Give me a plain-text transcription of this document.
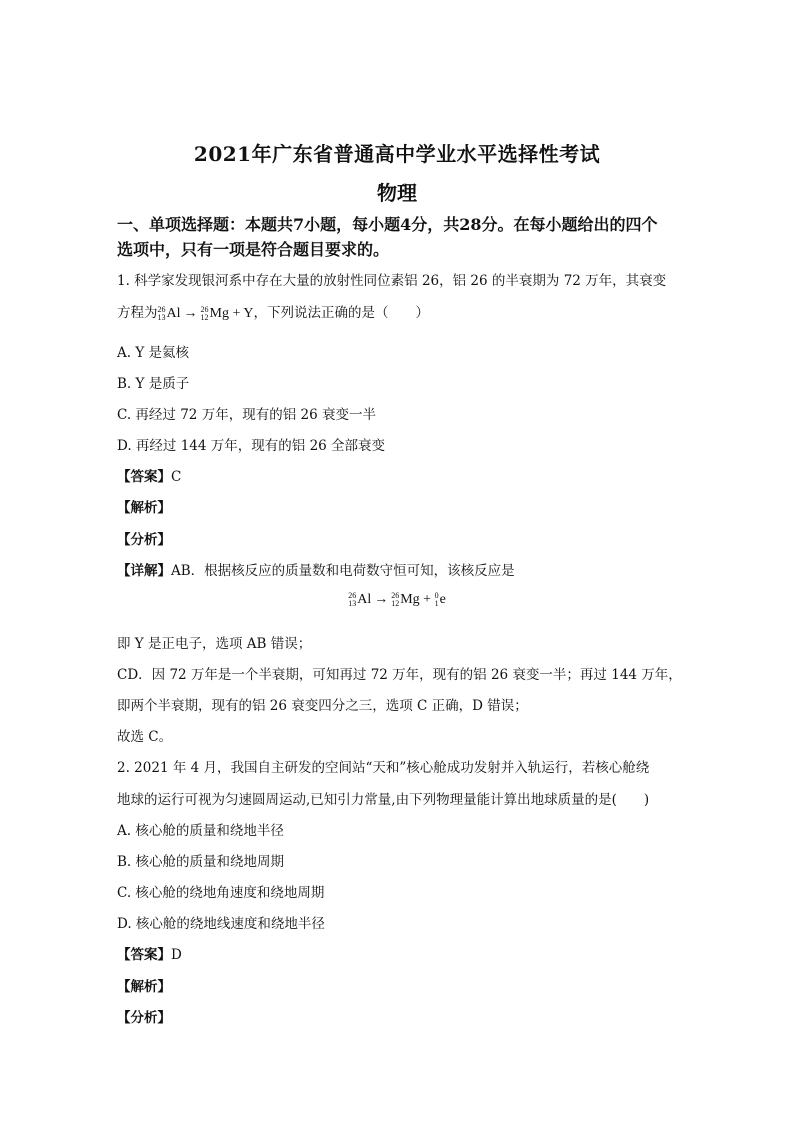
2021年广东省普通高中学业水平选择性考试
物理
一、单项选择题：本题共7小题，每小题4分，共28分。在每小题给出的四个
选项中，只有一项是符合题目要求的。
1. 科学家发现银河系中存在大量的放射性同位素铝 26，铝 26 的半衰期为 72 万年，其衰变
方程为 26
13 Al → 26
12 Mg + Y，下列说法正确的是（　　）
A. Y 是氦核
B. Y 是质子
C. 再经过 72 万年，现有的铝 26 衰变一半
D. 再经过 144 万年，现有的铝 26 全部衰变
【答案】C
【解析】
【分析】
【详解】AB．根据核反应的质量数和电荷数守恒可知，该核反应是
26
13 Al → 26
12 Mg + 0
1 e
即 Y 是正电子，选项 AB 错误；
CD．因 72 万年是一个半衰期，可知再过 72 万年，现有的铝 26 衰变一半；再过 144 万年，
即两个半衰期，现有的铝 26 衰变四分之三，选项 C 正确，D 错误；
故选 C。
2. 2021 年 4 月，我国自主研发的空间站“天和”核心舱成功发射并入轨运行，若核心舱绕
地球的运行可视为匀速圆周运动,已知引力常量,由下列物理量能计算出地球质量的是(　　)
A. 核心舱的质量和绕地半径
B. 核心舱的质量和绕地周期
C. 核心舱的绕地角速度和绕地周期
D. 核心舱的绕地线速度和绕地半径
【答案】D
【解析】
【分析】
